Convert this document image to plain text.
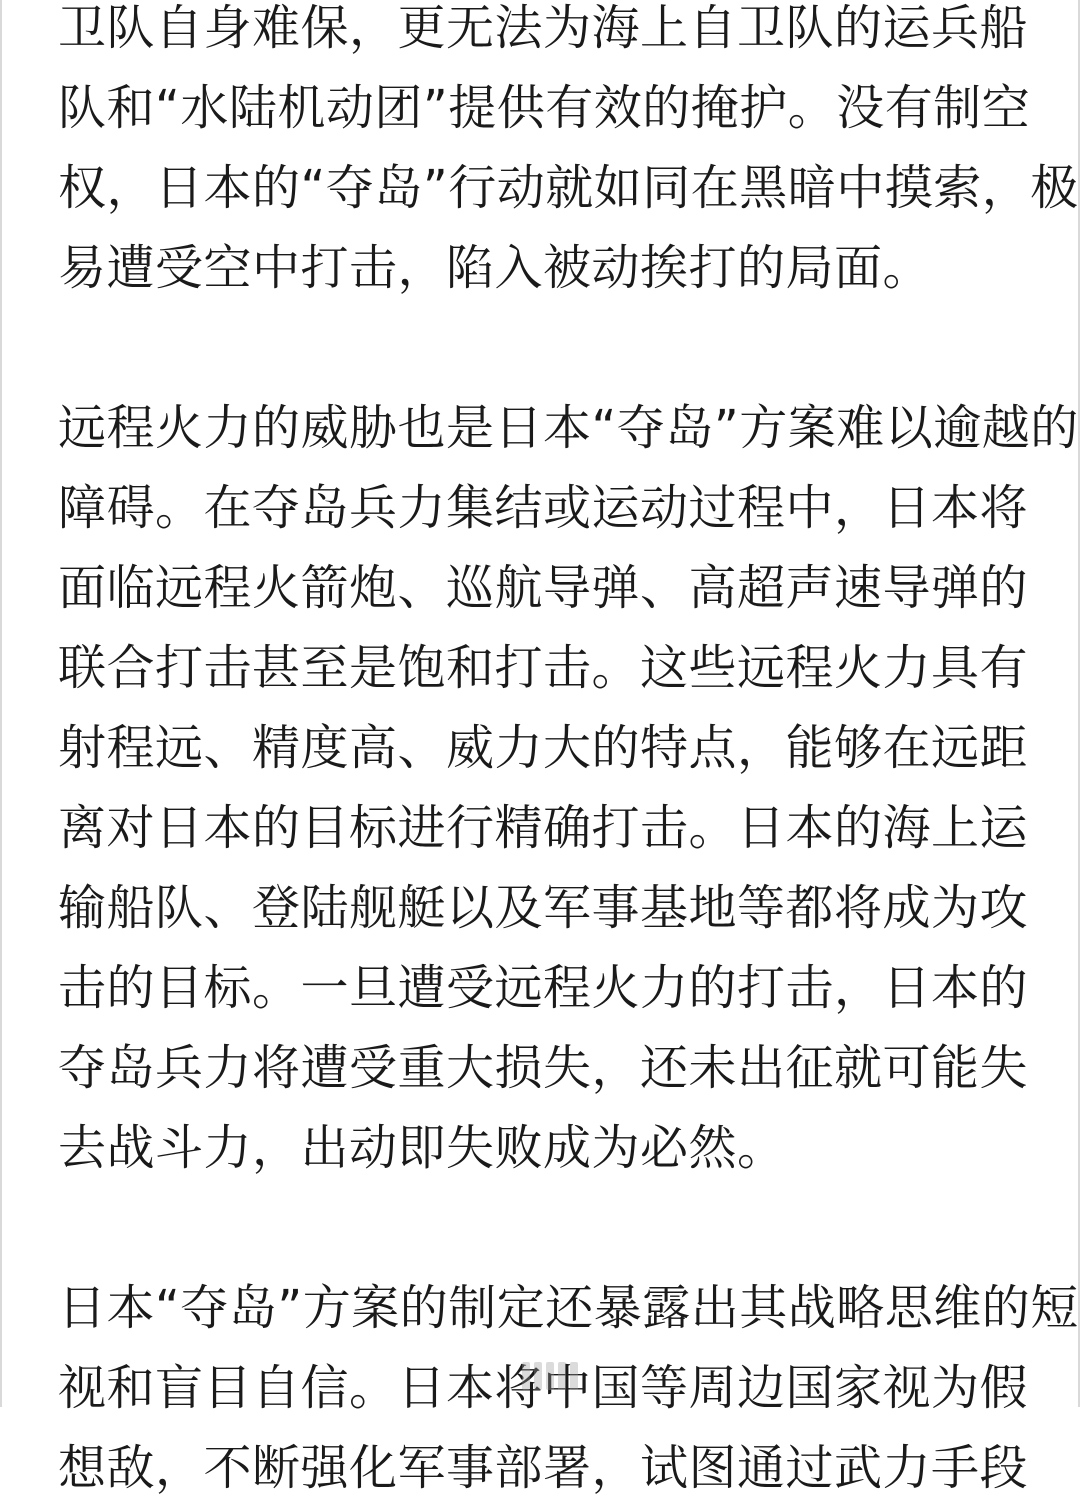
卫队自身难保，更无法为海上自卫队的运兵船
队和“水陆机动团”提供有效的掩护。没有制空
权，日本的“夺岛”行动就如同在黑暗中摸索，极
易遭受空中打击，陷入被动挨打的局面。

远程火力的威胁也是日本“夺岛”方案难以逾越的
障碍。在夺岛兵力集结或运动过程中，日本将
面临远程火箭炮、巡航导弹、高超声速导弹的
联合打击甚至是饱和打击。这些远程火力具有
射程远、精度高、威力大的特点，能够在远距
离对日本的目标进行精确打击。日本的海上运
输船队、登陆舰艇以及军事基地等都将成为攻
击的目标。一旦遭受远程火力的打击，日本的
夺岛兵力将遭受重大损失，还未出征就可能失
去战斗力，出动即失败成为必然。

日本“夺岛”方案的制定还暴露出其战略思维的短
视和盲目自信。日本将中国等周边国家视为假
想敌，不断强化军事部署，试图通过武力手段
